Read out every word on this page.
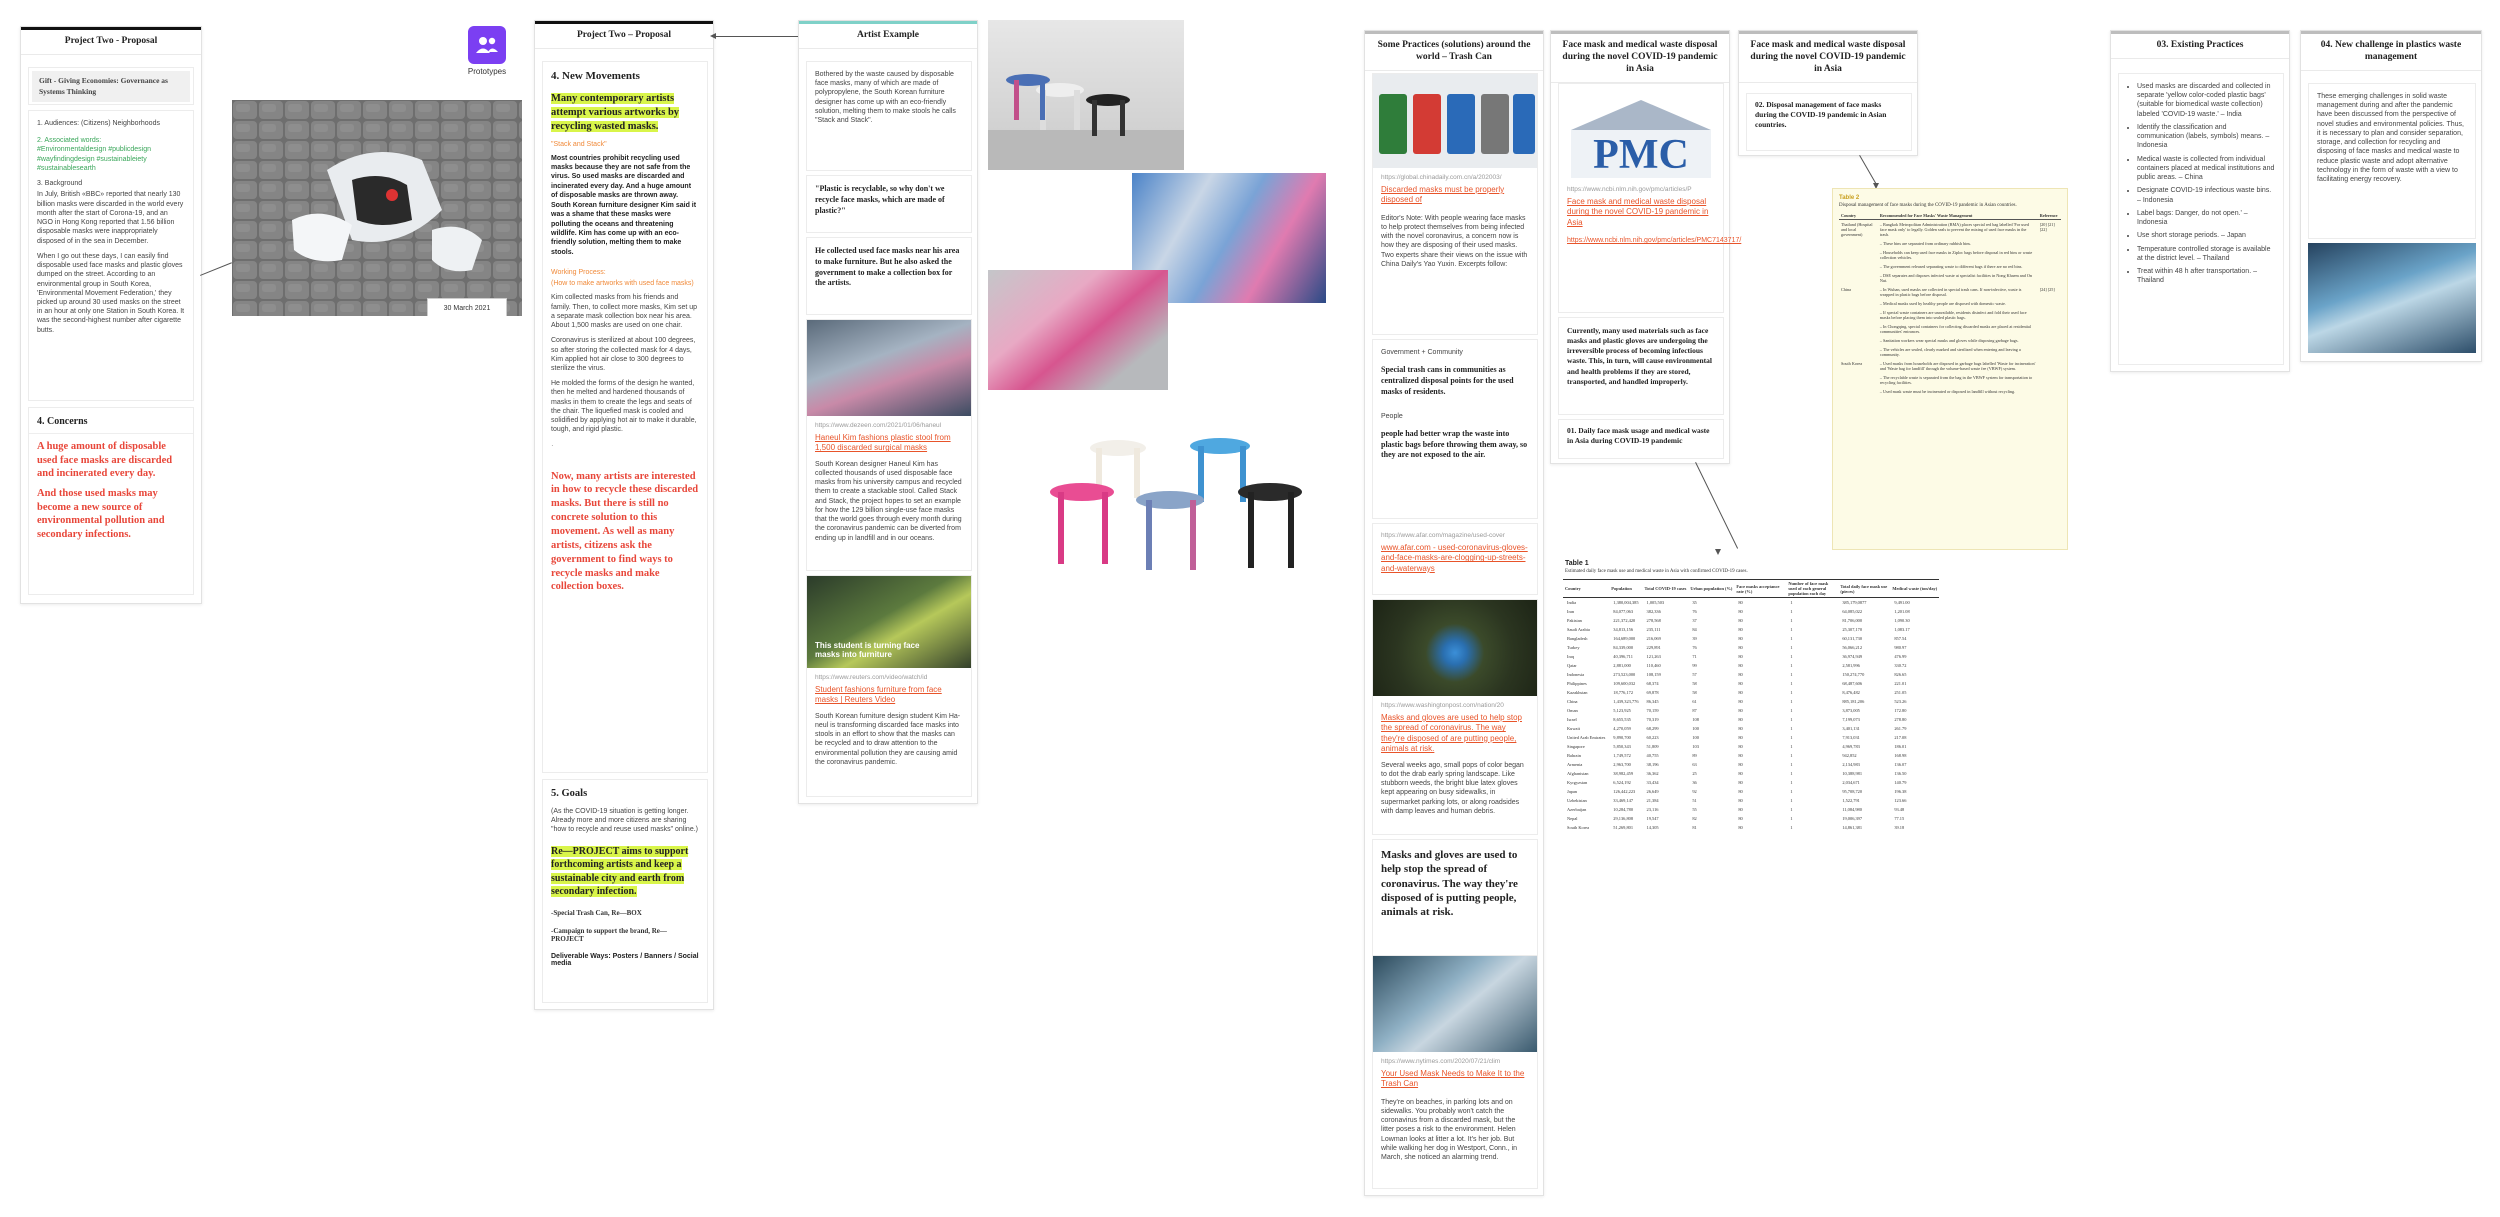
Project Two - Proposal
Gift - Giving Economies: Governance as Systems Thinking
1. Audiences: (Citizens) Neighborhoods
2. Associated words:
#Environmentaldesign #publicdesign #wayfindingdesign #sustainableiety #sustainablesearth
3. Background
In July, British «BBC» reported that nearly 130 billion masks were discarded in the world every month after the start of Corona-19, and an NGO in Hong Kong reported that 1.56 billion disposable masks were inappropriately disposed of in the sea in December.
When I go out these days, I can easily find disposable used face masks and plastic gloves dumped on the street. According to an environmental group in South Korea, 'Environmental Movement Federation,' they picked up around 30 used masks on the street in an hour at only one Station in South Korea. It was the second-highest number after cigarette butts.
4. Concerns
A huge amount of disposable used face masks are discarded and incinerated every day.
And those used masks may become a new source of environmental pollution and secondary infections.
30 March 2021
Prototypes
Project Two – Proposal
4. New Movements
Many contemporary artists attempt various artworks by recycling wasted masks.
"Stack and Stack"
Most countries prohibit recycling used masks because they are not safe from the virus. So used masks are discarded and incinerated every day. And a huge amount of disposable masks are thrown away. South Korean furniture designer Kim said it was a shame that these masks were polluting the oceans and threatening wildlife. Kim has come up with an eco-friendly solution, melting them to make stools.
Working Process:
(How to make artworks with used face masks)
Kim collected masks from his friends and family. Then, to collect more masks, Kim set up a separate mask collection box near his area. About 1,500 masks are used on one chair.
Coronavirus is sterilized at about 100 degrees, so after storing the collected mask for 4 days, Kim applied hot air close to 300 degrees to sterilize the virus.
He molded the forms of the design he wanted, then he melted and hardened thousands of masks in them to create the legs and seats of the chair. The liquefied mask is cooled and solidified by applying hot air to make it durable, tough, and rigid plastic.
·
Now, many artists are interested in how to recycle these discarded masks. But there is still no concrete solution to this movement. As well as many artists, citizens ask the government to find ways to recycle masks and make collection boxes.
5. Goals
(As the COVID-19 situation is getting longer. Already more and more citizens are sharing "how to recycle and reuse used masks" online.)
Re—PROJECT aims to support forthcoming artists and keep a sustainable city and earth from secondary infection.
-Special Trash Can, Re—BOX
-Campaign to support the brand, Re—PROJECT
Deliverable Ways: Posters / Banners / Social media
Artist Example
Bothered by the waste caused by disposable face masks, many of which are made of polypropylene, the South Korean furniture designer has come up with an eco-friendly solution, melting them to make stools he calls "Stack and Stack".
"Plastic is recyclable, so why don't we recycle face masks, which are made of plastic?"
He collected used face masks near his area to make furniture. But he also asked the government to make a collection box for the artists.
https://www.dezeen.com/2021/01/06/haneul
Haneul Kim fashions plastic stool from 1,500 discarded surgical masks
South Korean designer Haneul Kim has collected thousands of used disposable face masks from his university campus and recycled them to create a stackable stool. Called Stack and Stack, the project hopes to set an example for how the 129 billion single-use face masks that the world goes through every month during the coronavirus pandemic can be diverted from ending up in landfill and in our oceans.
This student is turning face masks into furniture
https://www.reuters.com/video/watch/id
Student fashions furniture from face masks | Reuters Video
South Korean furniture design student Kim Ha-neul is transforming discarded face masks into stools in an effort to show that the masks can be recycled and to draw attention to the environmental pollution they are causing amid the coronavirus pandemic.
Some Practices (solutions) around the world – Trash Can
https://global.chinadaily.com.cn/a/202003/
Discarded masks must be properly disposed of
Editor's Note: With people wearing face masks to help protect themselves from being infected with the novel coronavirus, a concern now is how they are disposing of their used masks. Two experts share their views on the issue with China Daily's Yao Yuxin. Excerpts follow:
Government + Community
Special trash cans in communities as centralized disposal points for the used masks of residents.
People
people had better wrap the waste into plastic bags before throwing them away, so they are not exposed to the air.
https://www.afar.com/magazine/used-cover
www.afar.com - used-coronavirus-gloves-and-face-masks-are-clogging-up-streets-and-waterways
https://www.washingtonpost.com/nation/20
Masks and gloves are used to help stop the spread of coronavirus. The way they're disposed of are putting people, animals at risk.
Several weeks ago, small pops of color began to dot the drab early spring landscape. Like stubborn weeds, the bright blue latex gloves kept appearing on busy sidewalks, in supermarket parking lots, or along roadsides with damp leaves and human debris.
Masks and gloves are used to help stop the spread of coronavirus. The way they're disposed of is putting people, animals at risk.
https://www.nytimes.com/2020/07/21/clim
Your Used Mask Needs to Make It to the Trash Can
They're on beaches, in parking lots and on sidewalks. You probably won't catch the coronavirus from a discarded mask, but the litter poses a risk to the environment. Helen Lowman looks at litter a lot. It's her job. But while walking her dog in Westport, Conn., in March, she noticed an alarming trend.
Face mask and medical waste disposal during the novel COVID-19 pandemic in Asia
PMC
https://www.ncbi.nlm.nih.gov/pmc/articles/P
Face mask and medical waste disposal during the novel COVID-19 pandemic in Asia
https://www.ncbi.nlm.nih.gov/pmc/articles/PMC7143717/
Currently, many used materials such as face masks and plastic gloves are undergoing the irreversible process of becoming infectious waste. This, in turn, will cause environmental and health problems if they are stored, transported, and handled improperly.
01. Daily face mask usage and medical waste in Asia during COVID-19 pandemic
Face mask and medical waste disposal during the novel COVID-19 pandemic in Asia
02. Disposal management of face masks during the COVID-19 pandemic in Asian countries.
Table 2
Disposal management of face masks during the COVID-19 pandemic in Asian countries.
Country	Recommended for Face Masks' Waste Management	Reference
Thailand (Hospital and local government)	– Bangkok Metropolitan Administration (BMA) places special red bag labelled 'For used face mask only' to legally. Golden seals to prevent the mixing of used face masks in the trash.	[20] [21] [22]
	– These bins are separated from ordinary rubbish bins.	
	– Households can keep used face masks in Ziploc bags before disposal in red bins or waste collection vehicles.	
	– The government released separating waste to different bags if there are no red bins.	
	– DSE separates and disposes infected waste at specialist facilities in Nong Khaem and On Nut.	
China	– In Wuhan, used masks are collected in special trash cans. If non-infective, waste is wrapped in plastic bags before disposal.	[24] [25]
	– Medical masks used by healthy people are disposed with domestic waste.	
	– If special waste containers are unavailable, residents disinfect and fold their used face masks before placing them into sealed plastic bags.	
	– In Chongqing, special containers for collecting discarded masks are placed at residential communities' entrances.	
	– Sanitation workers wear special masks and gloves while disposing garbage bags.	
	– The vehicles are sealed, clearly marked and sterilized when entering and leaving a community.	
South Korea	– Used masks from households are disposed in garbage bags labelled 'Waste for incineration' and 'Waste bag for landfill' through the volume-based waste fee (VBWF) system.	
	– The recyclable waste is separated from the bag in the VBWF system for transportation to recycling facilities.	
	– Used mask waste must be incinerated or disposed in landfill without recycling.	
Table 1
Estimated daily face mask use and medical waste in Asia with confirmed COVID-19 cases.
Country	Population	Total COVID-19 cases	Urban population (%)	Face masks acceptance rate (%)	Number of face mask used of each general population each day	Total daily face mask use (pieces)	Medical waste (ton/day)
India	1,380,004,385	1,005,503	35	80	1	385,179,0877	9,491.00
Iran	84,077,063	382,336	76	80	1	64,085,022	1,201.08
Pakistan	221,372,420	278,568	37	80	1	81,706,000	1,090.30
Saudi Arabia	34,813,156	235,111	84	80	1	25,307,170	1,083.17
Bangladesh	164,689,000	216,069	39	80	1	60,131,730	857.54
Turkey	84,339,000	229,891	76	80	1	56,066,212	980.97
Iraq	40,396,711	121,263	71	80	1	36,974,949	476.99
Qatar	2,881,000	110,460	99	80	1	2,581,996	330.72
Indonesia	273,523,000	108,159	57	80	1	150,274,770	826.65
Philippines	109,600,032	68,374	58	80	1	68,487,606	221.01
Kazakhstan	18,776,172	69,878	58	80	1	8,476,482	251.05
China	1,439,323,776	86,345	61	80	1	885,181,206	523.26
Oman	5,123,925	70,159	87	80	1	3,873,005	172.80
Israel	8,655,535	70,319	108	80	1	7,199,073	278.80
Kuwait	4,270,059	68,299	100	80	1	3,401,131	261.79
United Arab Emirates	9,890,700	60,223	100	80	1	7,913,031	217.08
Singapore	5,850,343	51,809	103	80	1	4,969,783	186.01
Bahrain	1,749,572	40,755	89	80	1	942,852	168.98
Armenia	2,963,700	38,196	63	80	1	2,134,983	136.07
Afghanistan	38,982,459	36,362	25	80	1	10,388,981	136.50
Kyrgyzstan	6,524,192	33,434	36	80	1	2,034,671	140.79
Japan	126,442,223	26,649	92	80	1	95,708,720	196.38
Uzbekistan	33,469,147	21,384	51	80	1	1,522,791	123.66
Azerbaijan	10,284,780	23,116	55	80	1	11,084,980	93.48
Nepal	29,136,808	19,547	82	80	1	19,006,397	77.15
South Korea	51,269,801	14,305	81	80	1	14,861,381	39.18
03. Existing Practices
• Used masks are discarded and collected in separate 'yellow color-coded plastic bags' (suitable for biomedical waste collection) labeled 'COVID-19 waste.' – India
• Identify the classification and communication (labels, symbols) means. – Indonesia
• Medical waste is collected from individual containers placed at medical institutions and public areas. – China
• Designate COVID-19 infectious waste bins. – Indonesia
• Label bags: Danger, do not open.' – Indonesia
• Use short storage periods. – Japan
• Temperature controlled storage is available at the district level. – Thailand
• Treat within 48 h after transportation. – Thailand
04. New challenge in plastics waste management
These emerging challenges in solid waste management during and after the pandemic have been discussed from the perspective of novel studies and environmental policies. Thus, it is necessary to plan and consider separation, storage, and collection for recycling and disposing of face masks and medical waste to reduce plastic waste and adopt alternative technology in the form of waste with a view to facilitating energy recovery.
